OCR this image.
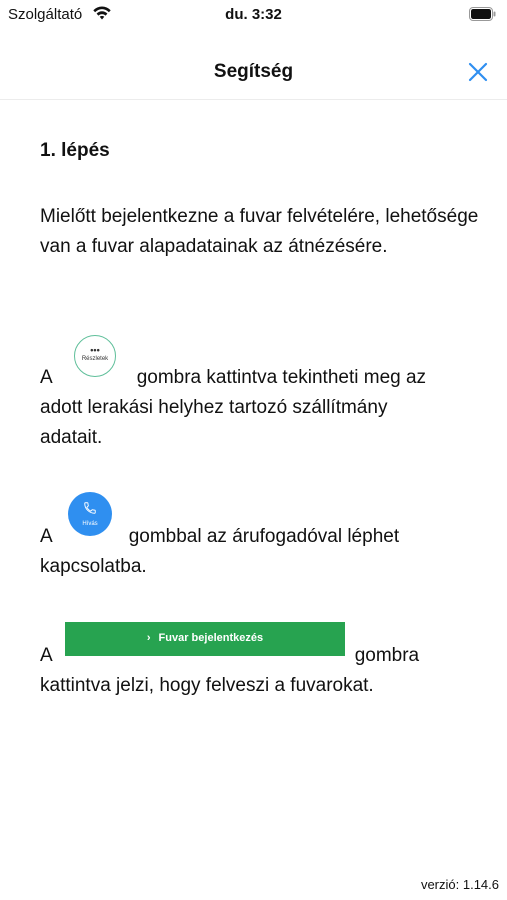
Szolgáltató	du. 3:32
Segítség
1. lépés
Mielőtt bejelentkezne a fuvar felvételére, lehetősége van a fuvar alapadatainak az átnézésére.
A	gombra kattintva tekintheti meg az
adott lerakási helyhez tartozó szállítmány
adatait.
•••
Részletek
A	gombbal az árufogadóval léphet
kapcsolatba.
Hívás
A	gombra
kattintva jelzi, hogy felveszi a fuvarokat.
› Fuvar bejelentkezés
verzió: 1.14.6
